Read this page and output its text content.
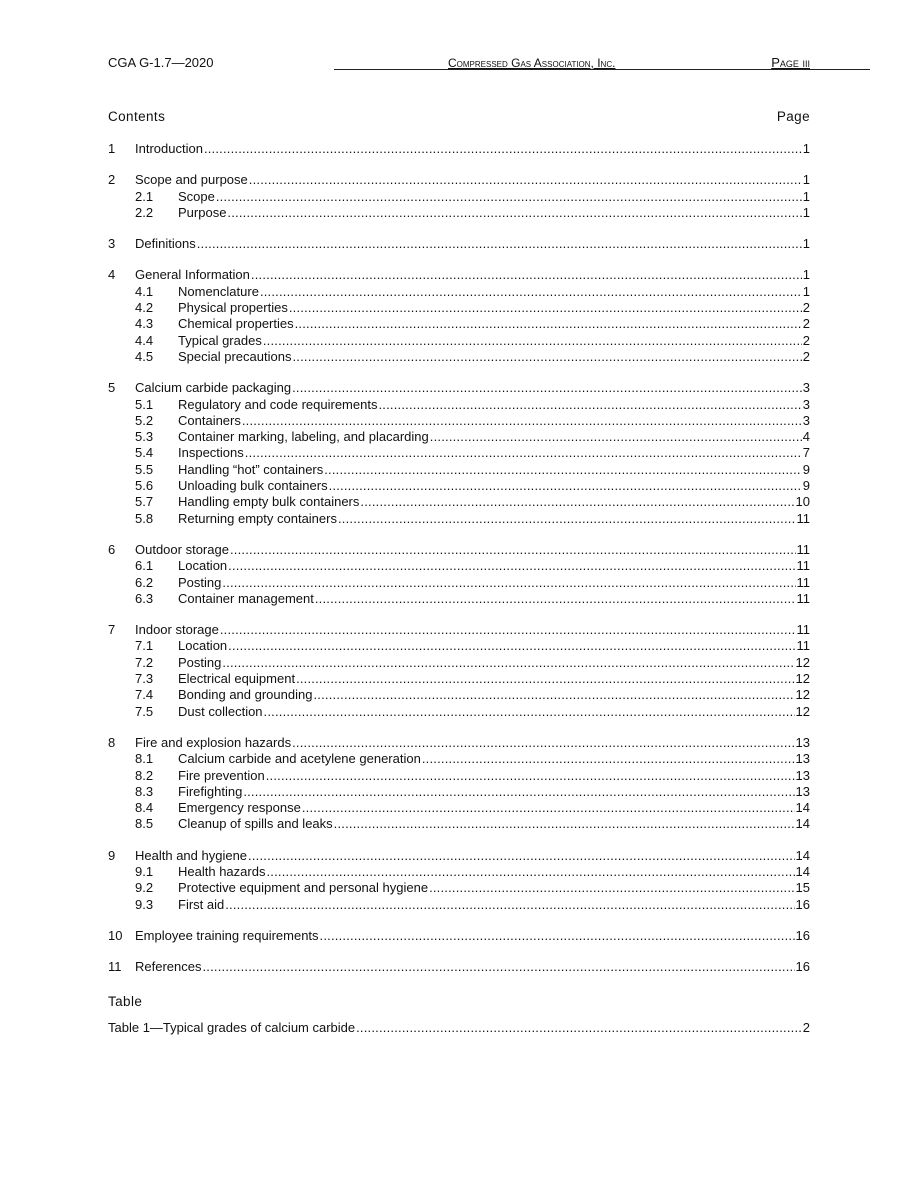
CGA G-1.7—2020	Compressed Gas Association, Inc.	Page iii
Contents	Page
1	Introduction .....	1
2	Scope and purpose .....	1
2.1	Scope .....	1
2.2	Purpose .....	1
3	Definitions .....	1
4	General Information .....	1
4.1	Nomenclature .....	1
4.2	Physical properties .....	2
4.3	Chemical properties .....	2
4.4	Typical grades .....	2
4.5	Special precautions .....	2
5	Calcium carbide packaging .....	3
5.1	Regulatory and code requirements .....	3
5.2	Containers .....	3
5.3	Container marking, labeling, and placarding .....	4
5.4	Inspections .....	7
5.5	Handling “hot” containers .....	9
5.6	Unloading bulk containers .....	9
5.7	Handling empty bulk containers .....	10
5.8	Returning empty containers .....	11
6	Outdoor storage .....	11
6.1	Location .....	11
6.2	Posting .....	11
6.3	Container management .....	11
7	Indoor storage .....	11
7.1	Location .....	11
7.2	Posting .....	12
7.3	Electrical equipment .....	12
7.4	Bonding and grounding .....	12
7.5	Dust collection .....	12
8	Fire and explosion hazards .....	13
8.1	Calcium carbide and acetylene generation .....	13
8.2	Fire prevention .....	13
8.3	Firefighting .....	13
8.4	Emergency response .....	14
8.5	Cleanup of spills and leaks .....	14
9	Health and hygiene .....	14
9.1	Health hazards .....	14
9.2	Protective equipment and personal hygiene .....	15
9.3	First aid .....	16
10 Employee training requirements .....	16
11	References .....	16
Table
Table 1—Typical grades of calcium carbide .....	2
